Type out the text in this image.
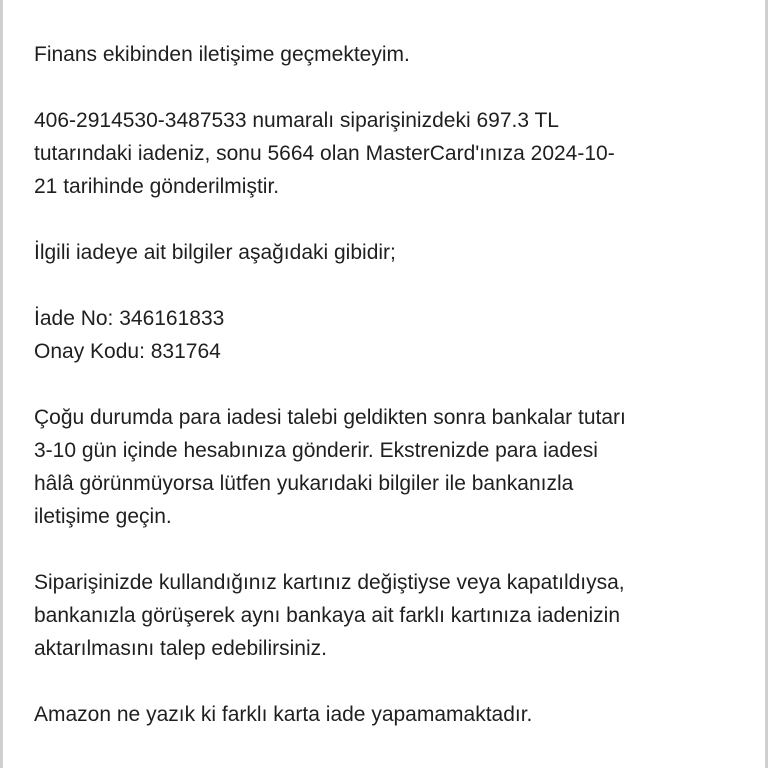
Finans ekibinden iletişime geçmekteyim.

406-2914530-3487533 numaralı siparişinizdeki 697.3 TL
tutarındaki iadeniz, sonu 5664 olan MasterCard'ınıza 2024-10-
21 tarihinde gönderilmiştir.

İlgili iadeye ait bilgiler aşağıdaki gibidir;

İade No: 346161833
Onay Kodu: 831764

Çoğu durumda para iadesi talebi geldikten sonra bankalar tutarı
3-10 gün içinde hesabınıza gönderir. Ekstrenizde para iadesi
hâlâ görünmüyorsa lütfen yukarıdaki bilgiler ile bankanızla
iletişime geçin.

Siparişinizde kullandığınız kartınız değiştiyse veya kapatıldıysa,
bankanızla görüşerek aynı bankaya ait farklı kartınıza iadenizin
aktarılmasını talep edebilirsiniz.

Amazon ne yazık ki farklı karta iade yapamamaktadır.
